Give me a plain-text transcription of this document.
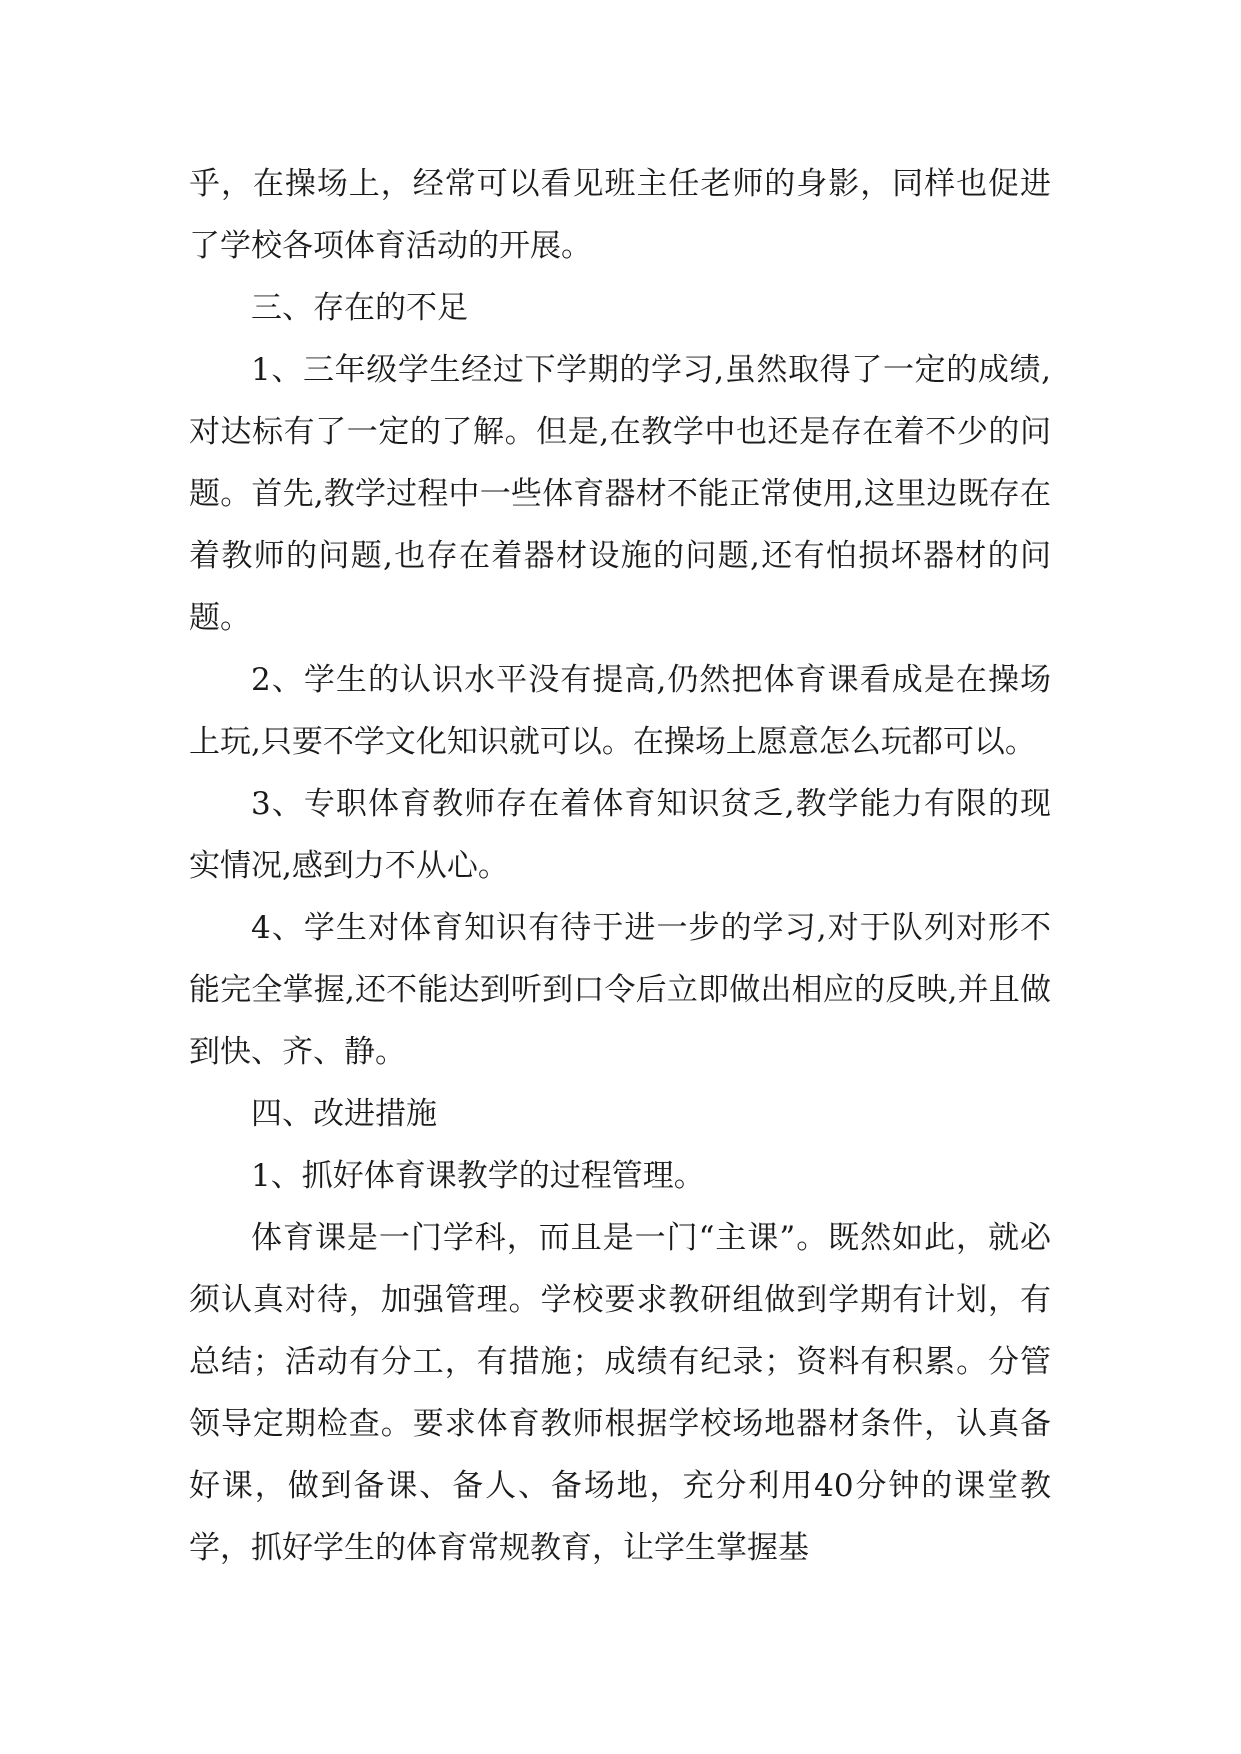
乎，在操场上，经常可以看见班主任老师的身影，同样也促进了学校各项体育活动的开展。

三、存在的不足

1、三年级学生经过下学期的学习,虽然取得了一定的成绩,对达标有了一定的了解。但是,在教学中也还是存在着不少的问题。首先,教学过程中一些体育器材不能正常使用,这里边既存在着教师的问题,也存在着器材设施的问题,还有怕损坏器材的问题。

2、学生的认识水平没有提高,仍然把体育课看成是在操场上玩,只要不学文化知识就可以。在操场上愿意怎么玩都可以。

3、专职体育教师存在着体育知识贫乏,教学能力有限的现实情况,感到力不从心。

4、学生对体育知识有待于进一步的学习,对于队列对形不能完全掌握,还不能达到听到口令后立即做出相应的反映,并且做到快、齐、静。

四、改进措施

1、抓好体育课教学的过程管理。

体育课是一门学科，而且是一门“主课”。既然如此，就必须认真对待，加强管理。学校要求教研组做到学期有计划，有总结；活动有分工，有措施；成绩有纪录；资料有积累。分管领导定期检查。要求体育教师根据学校场地器材条件，认真备好课，做到备课、备人、备场地，充分利用40分钟的课堂教学，抓好学生的体育常规教育，让学生掌握基
